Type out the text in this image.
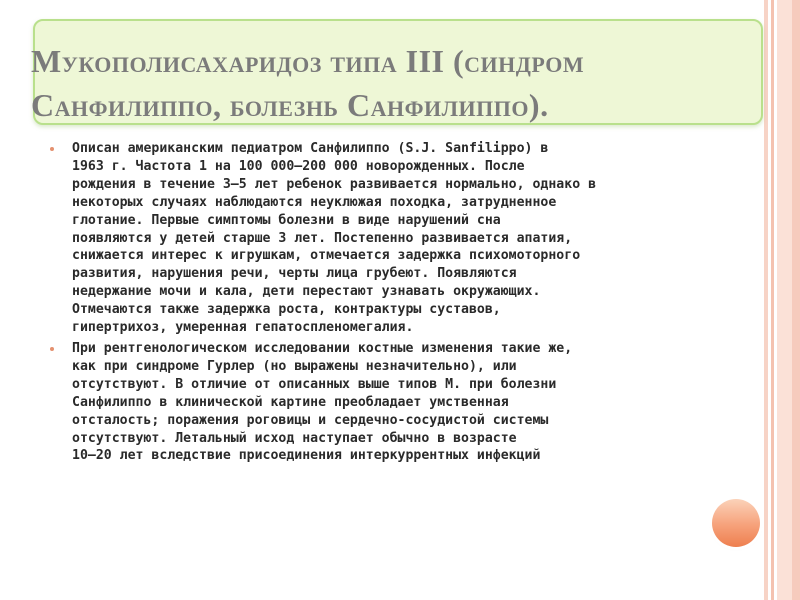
Мукополисахаридоз типа III (синдром
Санфилиппо, болезнь Санфилиппо).
Описан американским педиатром Санфилиппо (S.J. Sanfilippo) в
1963 г. Частота 1 на 100 000—200 000 новорожденных. После
рождения в течение 3—5 лет ребенок развивается нормально, однако в
некоторых случаях наблюдаются неуклюжая походка, затрудненное
глотание. Первые симптомы болезни в виде нарушений сна
появляются у детей старше 3 лет. Постепенно развивается апатия,
снижается интерес к игрушкам, отмечается задержка психомоторного
развития, нарушения речи, черты лица грубеют. Появляются
недержание мочи и кала, дети перестают узнавать окружающих.
Отмечаются также задержка роста, контрактуры суставов,
гипертрихоз, умеренная гепатоспленомегалия.
При рентгенологическом исследовании костные изменения такие же,
как при синдроме Гурлер (но выражены незначительно), или
отсутствуют. В отличие от описанных выше типов М. при болезни
Санфилиппо в клинической картине преобладает умственная
отсталость; поражения роговицы и сердечно-сосудистой системы
отсутствуют. Летальный исход наступает обычно в возрасте
10—20 лет вследствие присоединения интеркуррентных инфекций
